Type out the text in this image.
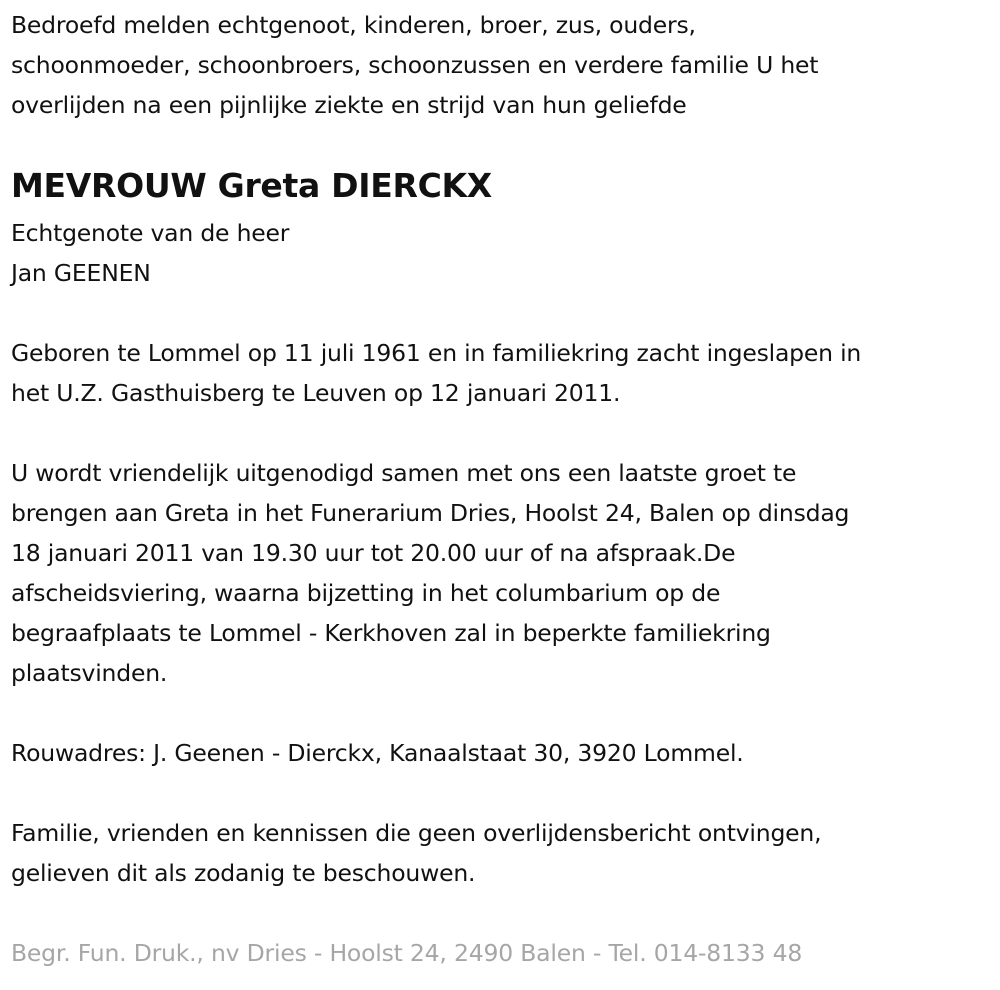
Bedroefd melden echtgenoot, kinderen, broer, zus, ouders,
schoonmoeder, schoonbroers, schoonzussen en verdere familie U het
overlijden na een pijnlijke ziekte en strijd van hun geliefde
MEVROUW Greta DIERCKX
Echtgenote van de heer
Jan GEENEN
Geboren te Lommel op 11 juli 1961 en in familiekring zacht ingeslapen in
het U.Z. Gasthuisberg te Leuven op 12 januari 2011.
U wordt vriendelijk uitgenodigd samen met ons een laatste groet te
brengen aan Greta in het Funerarium Dries, Hoolst 24, Balen op dinsdag
18 januari 2011 van 19.30 uur tot 20.00 uur of na afspraak.De
afscheidsviering, waarna bijzetting in het columbarium op de
begraafplaats te Lommel - Kerkhoven zal in beperkte familiekring
plaatsvinden.
Rouwadres: J. Geenen - Dierckx, Kanaalstaat 30, 3920 Lommel.
Familie, vrienden en kennissen die geen overlijdensbericht ontvingen,
gelieven dit als zodanig te beschouwen.
Begr. Fun. Druk., nv Dries - Hoolst 24, 2490 Balen - Tel. 014-8133 48
